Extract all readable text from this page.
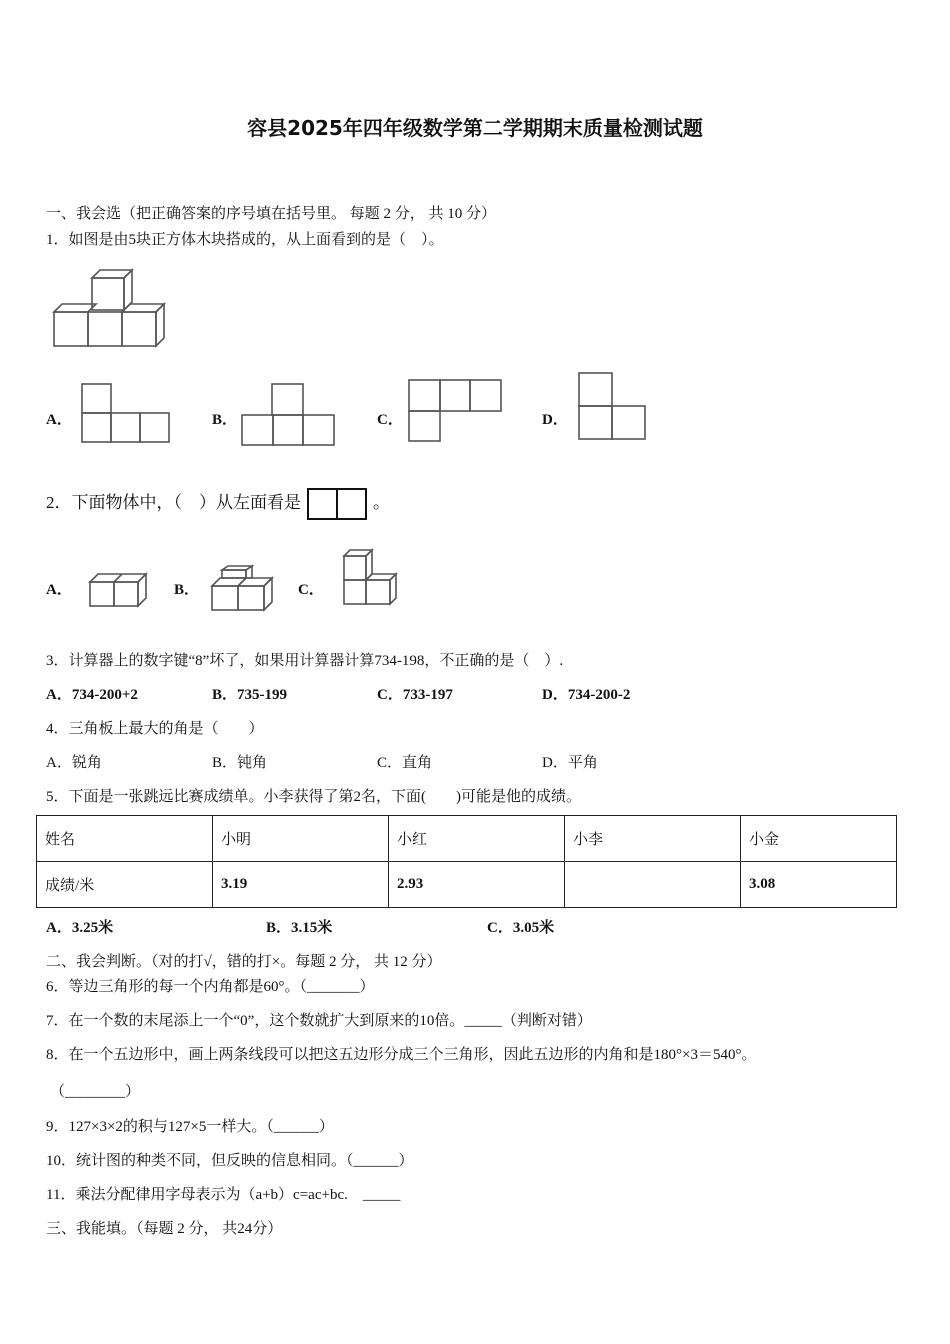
容县2025年四年级数学第二学期期末质量检测试题
一、我会选（把正确答案的序号填在括号里。 每题 2 分， 共 10 分）
1．如图是由5块正方体木块搭成的，从上面看到的是（　）。
A．	B．	C．	D．
2．下面物体中，（　）从左面看是	。
A．	B．	C．
3．计算器上的数字键“8”坏了，如果用计算器计算734-198，不正确的是（　）.
A．734-200+2	B．735-199	C．733-197	D．734-200-2
4．三角板上最大的角是（　　）
A．锐角	B．钝角	C．直角	D．平角
5．下面是一张跳远比赛成绩单。小李获得了第2名，下面(　　)可能是他的成绩。
姓名	小明	小红	小李	小金
成绩/米	3.19	2.93		3.08
A．3.25米	B．3.15米	C．3.05米
二、我会判断。（对的打√，错的打×。每题 2 分， 共 12 分）
6．等边三角形的每一个内角都是60°。（_______）
7．在一个数的末尾添上一个“0”，这个数就扩大到原来的10倍。_____（判断对错）
8．在一个五边形中，画上两条线段可以把这五边形分成三个三角形，因此五边形的内角和是180°×3＝540°。
（________）
9．127×3×2的积与127×5一样大。（______）
10．统计图的种类不同，但反映的信息相同。（______）
11．乘法分配律用字母表示为（a+b）c=ac+bc.　_____
三、我能填。（每题 2 分， 共24分）
